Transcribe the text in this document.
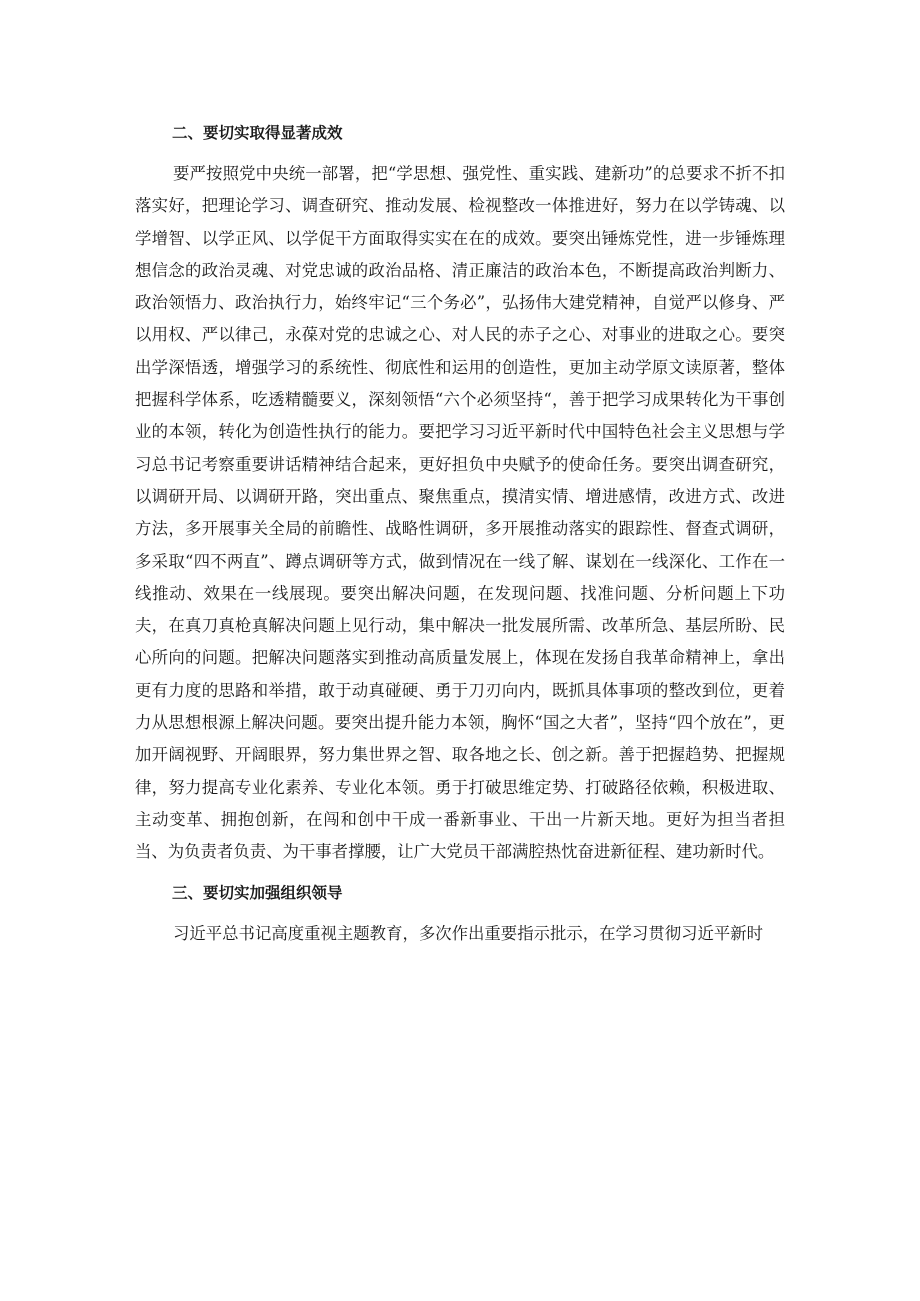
二、要切实取得显著成效

要严按照党中央统一部署，把“学思想、强党性、重实践、建新功”的总要求不折不扣落实好，把理论学习、调查研究、推动发展、检视整改一体推进好，努力在以学铸魂、以学增智、以学正风、以学促干方面取得实实在在的成效。要突出锤炼党性，进一步锤炼理想信念的政治灵魂、对党忠诚的政治品格、清正廉洁的政治本色，不断提高政治判断力、政治领悟力、政治执行力，始终牢记“三个务必”，弘扬伟大建党精神，自觉严以修身、严以用权、严以律己，永葆对党的忠诚之心、对人民的赤子之心、对事业的进取之心。要突出学深悟透，增强学习的系统性、彻底性和运用的创造性，更加主动学原文读原著，整体把握科学体系，吃透精髓要义，深刻领悟“六个必须坚持“，善于把学习成果转化为干事创业的本领，转化为创造性执行的能力。要把学习习近平新时代中国特色社会主义思想与学习总书记考察重要讲话精神结合起来，更好担负中央赋予的使命任务。要突出调查研究，以调研开局、以调研开路，突出重点、聚焦重点，摸清实情、增进感情，改进方式、改进方法，多开展事关全局的前瞻性、战略性调研，多开展推动落实的跟踪性、督查式调研，多采取“四不两直”、蹲点调研等方式，做到情况在一线了解、谋划在一线深化、工作在一线推动、效果在一线展现。要突出解决问题，在发现问题、找准问题、分析问题上下功夫，在真刀真枪真解决问题上见行动，集中解决一批发展所需、改革所急、基层所盼、民心所向的问题。把解决问题落实到推动高质量发展上，体现在发扬自我革命精神上，拿出更有力度的思路和举措，敢于动真碰硬、勇于刀刃向内，既抓具体事项的整改到位，更着力从思想根源上解决问题。要突出提升能力本领，胸怀“国之大者”，坚持“四个放在”，更加开阔视野、开阔眼界，努力集世界之智、取各地之长、创之新。善于把握趋势、把握规律，努力提高专业化素养、专业化本领。勇于打破思维定势、打破路径依赖，积极进取、主动变革、拥抱创新，在闯和创中干成一番新事业、干出一片新天地。更好为担当者担当、为负责者负责、为干事者撑腰，让广大党员干部满腔热忱奋进新征程、建功新时代。

三、要切实加强组织领导

习近平总书记高度重视主题教育，多次作出重要指示批示，在学习贯彻习近平新时
